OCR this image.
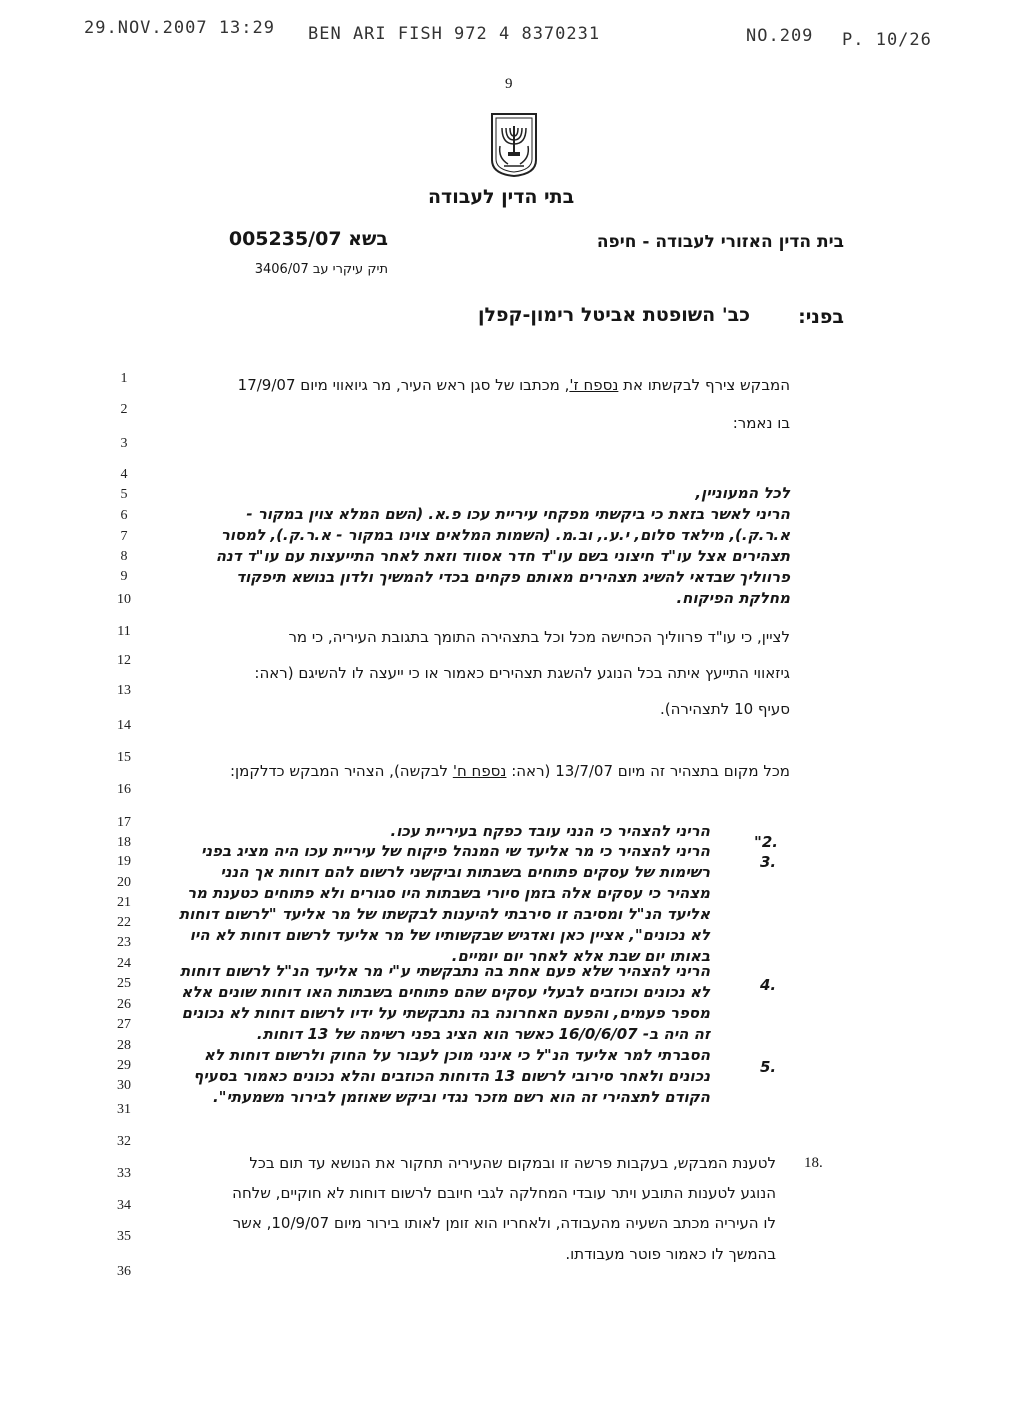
29.NOV.2007 13:29 BEN ARI FISH 972 4 8370231	NO.209 P. 10/26
9
בתי הדין לעבודה
בית הדין האזורי לעבודה - חיפה
בשא 005235/07
תיק עיקרי עב 3406/07
בפני:
כב' השופטת אביטל רימון-קפלן
1
2
3
4
5
6
7
8
9
10
11
12
13
14
15
16
17
18
19
20
21
22
23
24
25
26
27
28
29
30
31
32
33
34
35
36
המבקש צירף לבקשתו את נספח ז', מכתבו של סגן ראש העיר, מר גיואווי מיום 17/9/07
בו נאמר:
לכל המעוניין,
הריני לאשר בזאת כי ביקשתי מפקחי עיריית עכו פ.א. (השם המלא צוין במקור -
א.ר.ק.), מילאד סלום, י.ע., וב.מ. (השמות המלאים צוינו במקור - א.ר.ק.), למסור
תצהירים אצל עו"ד חיצוני בשם עו"ד חדר אסווד וזאת לאחר התייעצות עם עו"ד דנה
פרווליך שבדאי להשיג תצהירים מאותם פקחים בכדי להמשיך ולדון בנושא תיפקוד
מחלקת הפיקוח.
לציין, כי עו"ד פרווליך הכחישה מכל וכל בתצהירה התומך בתגובת העיריה, כי מר
גיזאווי התייעץ איתה בכל הנוגע להשגת תצהירים כאמור או כי ייעצה לו להשיגם (ראה:
סעיף 10 לתצהירה).
מכל מקום בתצהיר זה מיום 13/7/07 (ראה: נספח ח' לבקשה), הצהיר המבקש כדלקמן:
"2.
הריני להצהיר כי הנני עובד כפקח בעיריית עכו.
3.
הריני להצהיר כי מר אליעד שי המנהל פיקוח של עיריית עכו היה מציג בפני
רשימות של עסקים פתוחים בשבתות וביקשני לרשום להם דוחות אך הנני
מצהיר כי עסקים אלה בזמן סיורי בשבתות היו סגורים ולא פתוחים כטענת מר
אליעד הנ"ל ומסיבה זו סירבתי להיענות לבקשתו של מר אליעד "לרשום דוחות
לא נכונים", אציין כאן ואדגיש שבקשותיו של מר אליעד לרשום דוחות לא היו
באותו יום שבת אלא לאחר יום יומיים.
4.
הריני להצהיר שלא פעם אחת בה נתבקשתי ע"י מר אליעד הנ"ל לרשום דוחות
לא נכונים וכוזבים לבעלי עסקים שהם פתוחים בשבתות האו דוחות שונים אלא
מספר פעמים, והפעם האחרונה בה נתבקשתי על ידיו לרשום דוחות לא נכונים
זה היה ב- 16/0/6/07 כאשר הוא הציג בפני רשימה של 13 דוחות.
5.
הסברתי למר אליעד הנ"ל כי אינני מוכן לעבור על החוק ולרשום דוחות לא
נכונים ולאחר סירובי לרשום 13 הדוחות הכוזבים והלא נכונים כאמור בסעיף
הקודם לתצהירי זה הוא רשם מזכר נגדי וביקש שאוזמן לבירור משמעתי".
18.
לטענת המבקש, בעקבות פרשה זו ובמקום שהעיריה תחקור את הנושא עד תום בכל
הנוגע לטענות התובע ויתר עובדי המחלקה לגבי חיובם לרשום דוחות לא חוקיים, שלחה
לו העיריה מכתב השעיה מהעבודה, ולאחריו הוא זומן לאותו בירור מיום 10/9/07, אשר
בהמשך לו כאמור פוטר מעבודתו.
